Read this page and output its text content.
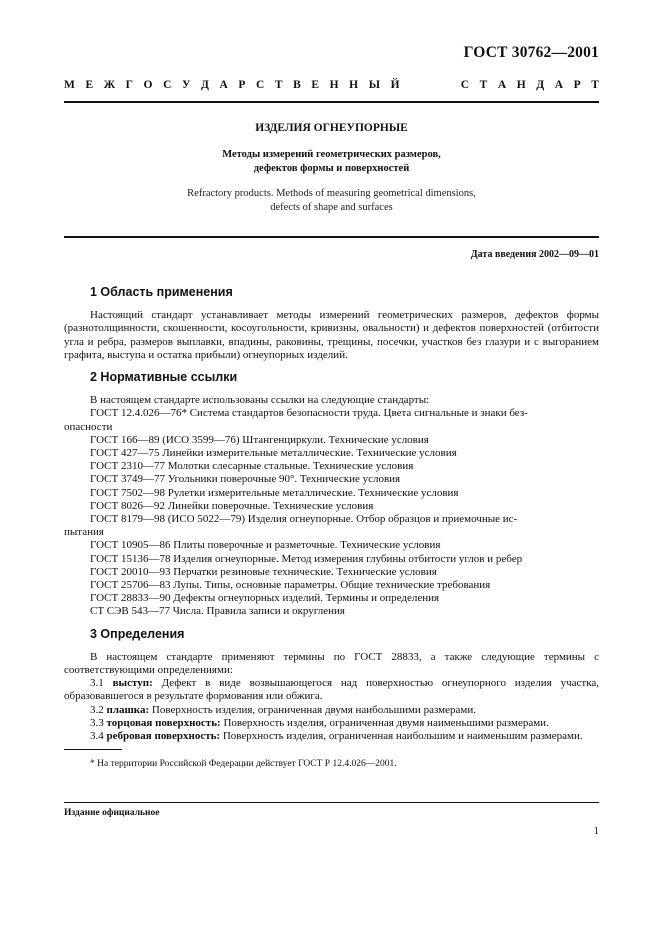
ГОСТ 30762—2001
М Е Ж Г О С У Д А Р С Т В Е Н Н Ы Й	С Т А Н Д А Р Т
ИЗДЕЛИЯ ОГНЕУПОРНЫЕ
Методы измерений геометрических размеров,
дефектов формы и поверхностей
Refractory products. Methods of measuring geometrical dimensions,
defects of shape and surfaces
Дата введения 2002—09—01
1 Область применения

Настоящий стандарт устанавливает методы измерений геометрических размеров, дефектов формы (разнотолщинности, скошенности, косоугольности, кривизны, овальности) и дефектов поверхностей (отбитости угла и ребра, размеров выплавки, впадины, раковины, трещины, посечки, участков без глазури и с выгоранием графита, выступа и остатка прибыли) огнеупорных изделий.

2 Нормативные ссылки

В настоящем стандарте использованы ссылки на следующие стандарты:

ГОСТ 12.4.026—76* Система стандартов безопасности труда. Цвета сигнальные и знаки без-
опасности

ГОСТ 166—89 (ИСО 3599—76) Штангенциркули. Технические условия

ГОСТ 427—75 Линейки измерительные металлические. Технические условия

ГОСТ 2310—77 Молотки слесарные стальные. Технические условия

ГОСТ 3749—77 Угольники поверочные 90°. Технические условия

ГОСТ 7502—98 Рулетки измерительные металлические. Технические условия

ГОСТ 8026—92 Линейки поверочные. Технические условия

ГОСТ 8179—98 (ИСО 5022—79) Изделия огнеупорные. Отбор образцов и приемочные ис-
пытания

ГОСТ 10905—86 Плиты поверочные и разметочные. Технические условия

ГОСТ 15136—78 Изделия огнеупорные. Метод измерения глубины отбитости углов и ребер

ГОСТ 20010—93 Перчатки резиновые технические. Технические условия

ГОСТ 25706—83 Лупы. Типы, основные параметры. Общие технические требования

ГОСТ 28833—90 Дефекты огнеупорных изделий. Термины и определения

СТ СЭВ 543—77 Числа. Правила записи и округления

3 Определения

В настоящем стандарте применяют термины по ГОСТ 28833, а также следующие термины с соответствующими определениями:

3.1 выступ: Дефект в виде возвышающегося над поверхностью огнеупорного изделия участка, образовавшегося в результате формования или обжига.

3.2 плашка: Поверхность изделия, ограниченная двумя наибольшими размерами.

3.3 торцовая поверхность: Поверхность изделия, ограниченная двумя наименьшими размерами.

3.4 ребровая поверхность: Поверхность изделия, ограниченная наибольшим и наименьшим размерами.

* На территории Российской Федерации действует ГОСТ Р 12.4.026—2001.
Издание официальное
1
